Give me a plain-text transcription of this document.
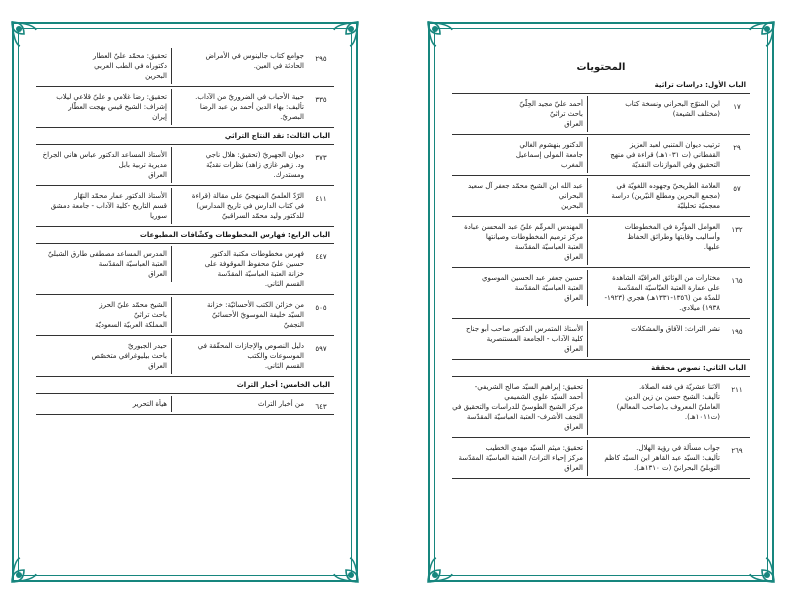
٢٩٥
جوامع كتاب جالينوس في الأمراض
الحادثة في العين.
تحقيق: محمّد عليّ العطار
دكتوراه في الطب العربي
البحرين
٣٣٥
حيية الأحباب في الضروريّ من الآداب.
تأليف: بهاء الدين أحمد بن عبد الرضا
البصريّ.
تحقيق: رضا غلامي و عليّ قلاعي ليلاب
إشراف: الشيخ قيس بهجت العطّار
إيران
الباب الثالث: نقد النتاج التراثي
٣٧٣
ديوان الجهبريّ (تحقيق: هلال ناجي
ود. زهير غازي زاهد) نظرات نقديّة
ومستدرك.
الأستاذ المساعد الدكتور عباس هاني الجراخ
مديرية تربية بابل
العراق
٤١١
الرّدّ العلميّ المنهجيّ على مقالة (قراءة
في كتاب الدارس في تاريخ المدارس)
للدكتور وليد محمّد السراقبيّ
الأستاذ الدكتور عمار محمّد النهّار
قسم التاريخ -كلية الآداب - جامعة دمشق
سوريا
الباب الرابع: فهارس المخطوطات وكشّافات المطبوعات
٤٤٧
فهرس مخطوطات مكتبة الدكتور
حسين عليّ محفوظ الموقوفة على
خزانة العتبة العباسيّة المقدّسة
القسم الثاني.
المدرس المساعد مصطفى طارق الشبليّ
العتبة العباسيّة المقدّسة
العراق
٥٠٥
من خزائن الكتب الأحسائيّة: خزانة
السيّد خليفة الموسويّ الأحسائيّ
النجفيّ
الشيخ محمّد عليّ الحرز
باحث تراثيّ
المملكة العربيّة السعوديّة
٥٩٧
دليل النصوص والإجازات المحقّقة في
الموسوعات والكتب
القسم الثاني.
حيدر الجبوريّ
باحث بيليوغرافي متخصّص
العراق
الباب الخامس: أخبار التراث
٦٤٣
من أخبار التراث
هيأة التحرير
المحتويات
الباب الأول: دراسات تراثية
١٧
ابن المتوّج البحراني ونسخة كتاب
(مختلف الشيعة)
أحمد عليّ مجيد الحِلّيّ
باحث تراثيّ
العراق
٢٩
ترتيب ديوان المتنبي لعبد العزيز
القفطاني (ت ١٠٣١هـ) قراءة في منهج
التحقيق وفي الموازنات النقديّة
الدكتور بنهشوم الغالي
جامعة المولى إسماعيل
المغرب
٥٧
العلامة الطريحيّ وجهوده اللغويّة في
(مجمع البحرين ومطلع النيّرين) دراسة
معجميّة تحليليّة
عبد الله ابن الشيخ محمّد جعفر آل سعيد
البحراني
البحرين
١٣٢
العوامل المؤثّرة في المخطوطات
وأساليب وقايتها وطرائق الحفاظ
عليها.
المهندس المرمِّم عليّ عبد المحسن عبادة
مركز ترميم المخطوطات وصيانتها
العتبة العباسيّة المقدّسة
العراق
١٦٥
مختارات من الوثائق العراقيّة الشاهدة
على عمارة العتبة العبّاسيّة المقدّسة
للمدّة من (١٣٥٦-١٣٣١هـ) هجري (١٩٢٣-
١٩٣٨) ميلادي.
حسين جعفر عبد الحسين الموسوي
العتبة العباسيّة المقدّسة
العراق
١٩٥
نشر التراث: الآفاق والمشكلات
الأستاذ المتمرس الدكتور صاحب أبو جناح
كلية الآداب - الجامعة المستنصرية
العراق
الباب الثاني: نصوص محققة
٢١١
الاثنا عشريّة في فقه الصلاة.
تأليف: الشيخ حسن بن زين الدين
العامليّ المعروف بـ(صاحب المعالم)
(ت١٠١١هـ).
تحقيق: إبراهيم السيّد صالح الشريفي-
أحمد السيّد علوي الشميمي
مركز الشيخ الطوسيّ للدراسات والتحقيق في
النجف الأشرف- العتبة العباسيّة المقدّسة
العراق
٢٦٩
جواب مسألة في رؤية الهلال.
تأليف: السيّد عبد القاهر ابن السيّد كاظم
التوبليّ البحرانيّ (ت ١٣١٠هـ).
تحقيق: ميثم السيّد مهدي الخطيب
مركز إحياء التراث/ العتبة العباسيّة المقدّسة
العراق
